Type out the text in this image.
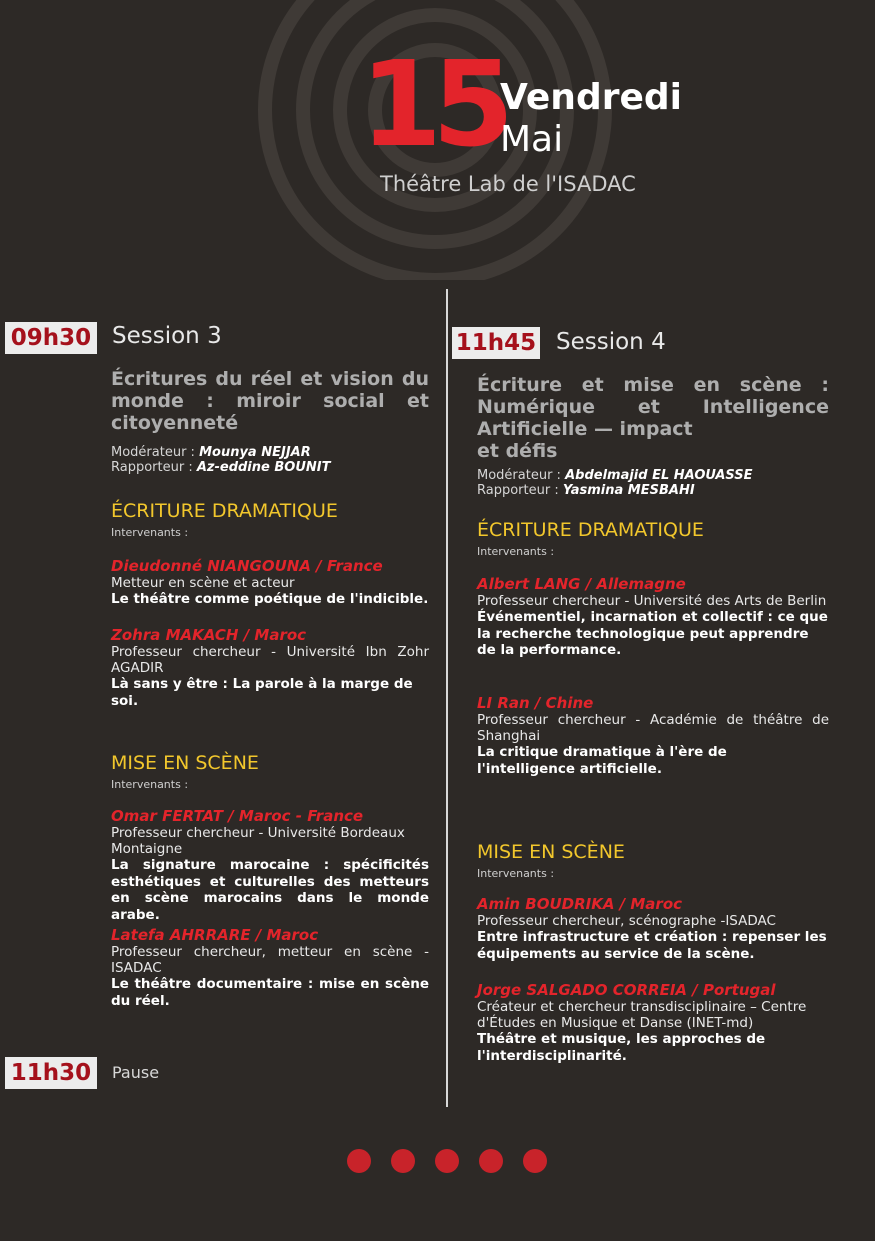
15
Vendredi
Mai
Théâtre Lab de l'ISADAC
09h30 Session 3
Écritures du réel et vision du
monde : miroir social et
citoyenneté
Modérateur : Mounya NEJJAR
Rapporteur : Az-eddine BOUNIT
ÉCRITURE DRAMATIQUE
Intervenants :
Dieudonné NIANGOUNA / France
Metteur en scène et acteur
Le théâtre comme poétique de l'indicible.
Zohra MAKACH / Maroc
Professeur chercheur - Université Ibn Zohr AGADIR
Là sans y être : La parole à la marge de soi.
MISE EN SCÈNE
Intervenants :
Omar FERTAT / Maroc - France
Professeur chercheur - Université Bordeaux Montaigne
La signature marocaine : spécificités esthétiques et culturelles des metteurs en scène marocains dans le monde arabe.
Latefa AHRRARE / Maroc
Professeur chercheur, metteur en scène - ISADAC
Le théâtre documentaire : mise en scène du réel.
11h30	Pause
11h45 Session 4
Écriture et mise en scène :
Numérique et Intelligence
Artificielle — impact
et défis
Modérateur : Abdelmajid EL HAOUASSE
Rapporteur : Yasmina MESBAHI
ÉCRITURE DRAMATIQUE
Intervenants :
Albert LANG / Allemagne
Professeur chercheur - Université des Arts de Berlin
Événementiel, incarnation et collectif : ce que la recherche technologique peut apprendre de la performance.
LI Ran / Chine
Professeur chercheur - Académie de théâtre de Shanghai
La critique dramatique à l'ère de l'intelligence artificielle.
MISE EN SCÈNE
Intervenants :
Amin BOUDRIKA / Maroc
Professeur chercheur, scénographe -ISADAC
Entre infrastructure et création : repenser les équipements au service de la scène.
Jorge SALGADO CORREIA / Portugal
Créateur et chercheur transdisciplinaire – Centre d'Études en Musique et Danse (INET-md)
Théâtre et musique, les approches de l'interdisciplinarité.
